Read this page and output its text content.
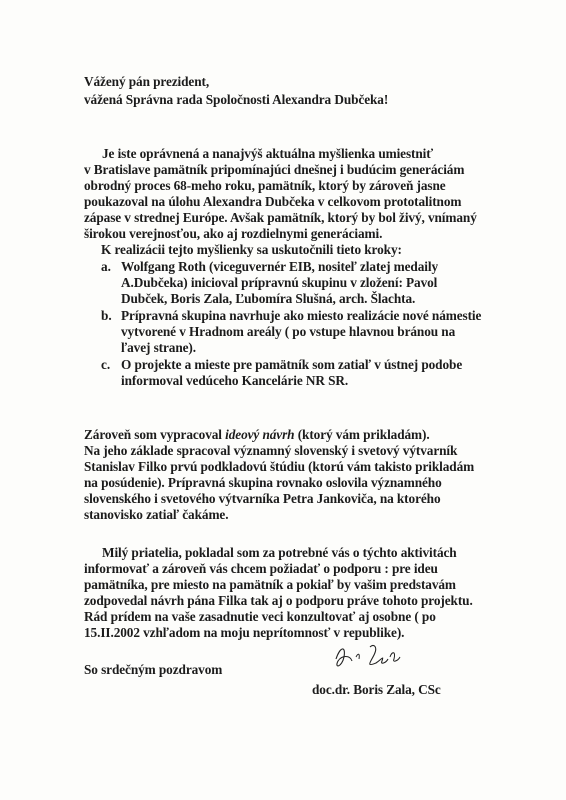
Vážený pán prezident,
vážená Správna rada Spoločnosti Alexandra Dubčeka!
Je iste oprávnená a nanajvýš aktuálna myšlienka umiestniť
v Bratislave pamätník pripomínajúci dnešnej i budúcim generáciám
obrodný proces 68-meho roku, pamätník, ktorý by zároveň jasne
poukazoval na úlohu Alexandra Dubčeka v celkovom prototalitnom
zápase v strednej Európe. Avšak pamätník, ktorý by bol živý, vnímaný
širokou verejnosťou, ako aj rozdielnymi generáciami.
K realizácii tejto myšlienky sa uskutočnili tieto kroky:
a. Wolfgang Roth (viceguvernér EIB, nositeľ zlatej medaily
A.Dubčeka) inicioval prípravnú skupinu v zložení: Pavol
Dubček, Boris Zala, Ľubomíra Slušná, arch. Šlachta.
b. Prípravná skupina navrhuje ako miesto realizácie nové námestie
vytvorené v Hradnom areály ( po vstupe hlavnou bránou na
ľavej strane).
c. O projekte a mieste pre pamätník som zatiaľ v ústnej podobe
informoval vedúceho Kancelárie NR SR.
Zároveň som vypracoval ideový návrh (ktorý vám prikladám).
Na jeho základe spracoval významný slovenský i svetový výtvarník
Stanislav Filko prvú podkladovú štúdiu (ktorú vám takisto prikladám
na posúdenie). Prípravná skupina rovnako oslovila významného
slovenského i svetového výtvarníka Petra Jankoviča, na ktorého
stanovisko zatiaľ čakáme.
Milý priatelia, pokladal som za potrebné vás o týchto aktivitách
informovať a zároveň vás chcem požiadať o podporu : pre ideu
pamätníka, pre miesto na pamätník a pokiaľ by vašim predstavám
zodpovedal návrh pána Filka tak aj o podporu práve tohoto projektu.
Rád prídem na vaše zasadnutie veci konzultovať aj osobne ( po
15.II.2002 vzhľadom na moju neprítomnosť v republike).
So srdečným pozdravom
doc.dr. Boris Zala, CSc
